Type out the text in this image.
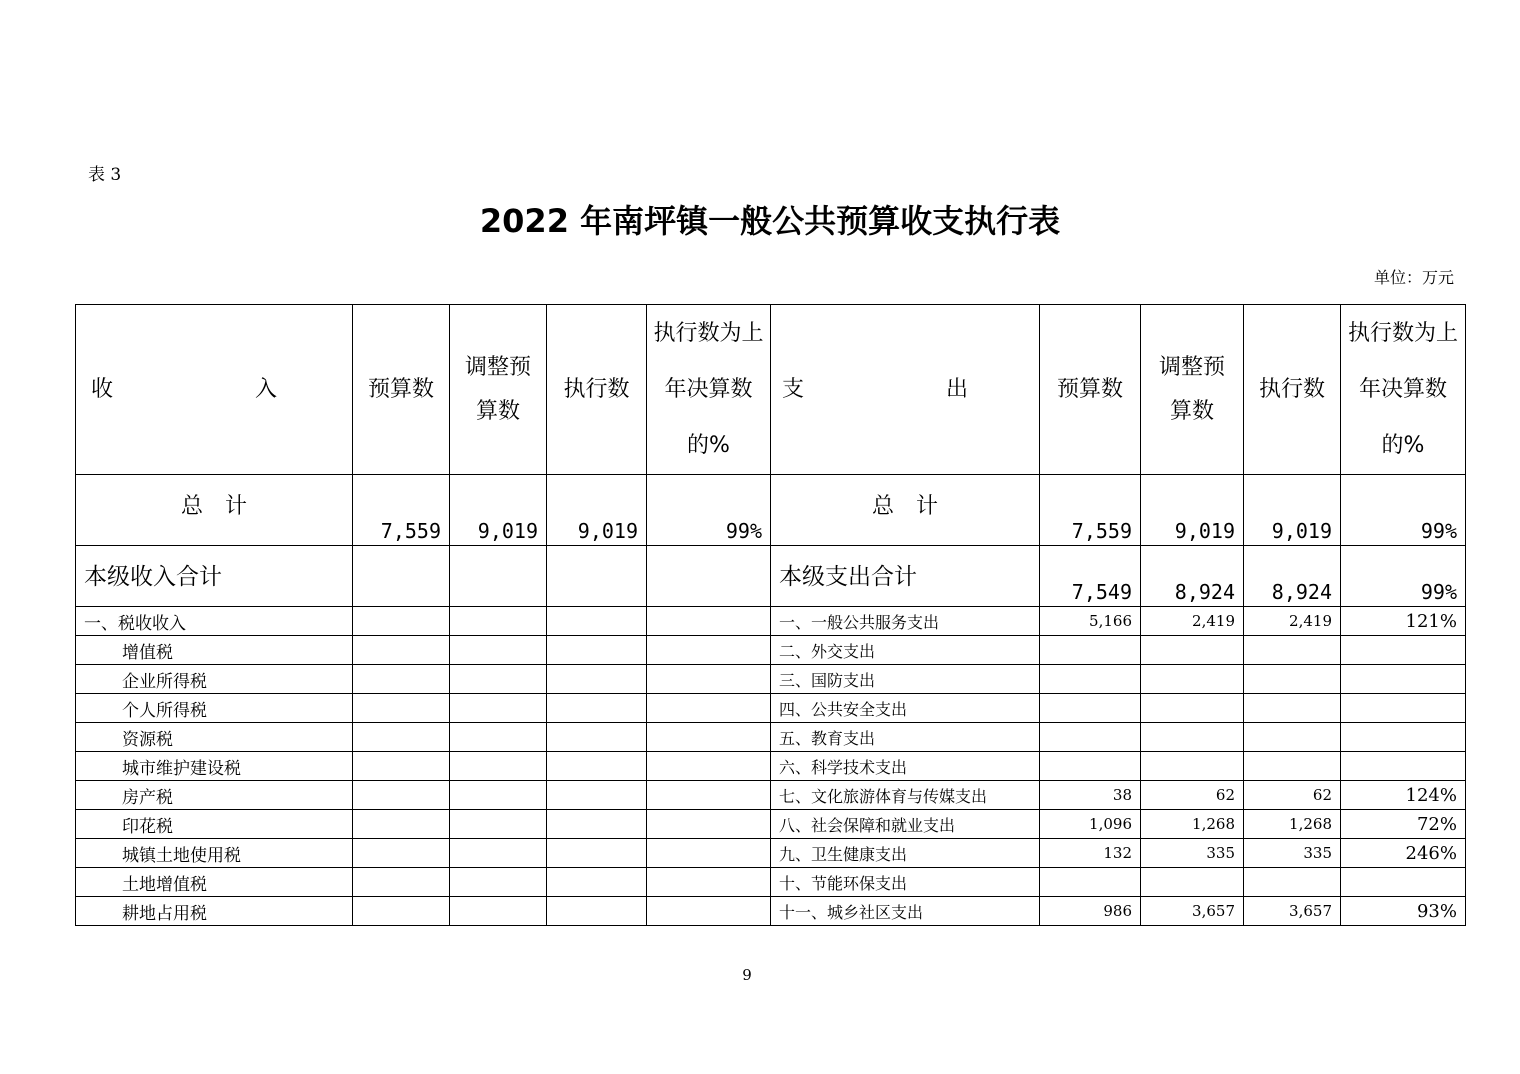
表 3
2022 年南坪镇一般公共预算收支执行表
单位：万元
收　入	预算数	调整预算数	执行数	执行数为上年决算数的%	支　出	预算数	调整预算数	执行数	执行数为上年决算数的%
总　计	7,559	9,019	9,019	99%	总　计	7,559	9,019	9,019	99%
本级收入合计					本级支出合计	7,549	8,924	8,924	99%
一、税收收入					一、一般公共服务支出	5,166	2,419	2,419	121%
增值税					二、外交支出				
企业所得税					三、国防支出				
个人所得税					四、公共安全支出				
资源税					五、教育支出				
城市维护建设税					六、科学技术支出				
房产税					七、文化旅游体育与传媒支出	38	62	62	124%
印花税					八、社会保障和就业支出	1,096	1,268	1,268	72%
城镇土地使用税					九、卫生健康支出	132	335	335	246%
土地增值税					十、节能环保支出				
耕地占用税					十一、城乡社区支出	986	3,657	3,657	93%
9
